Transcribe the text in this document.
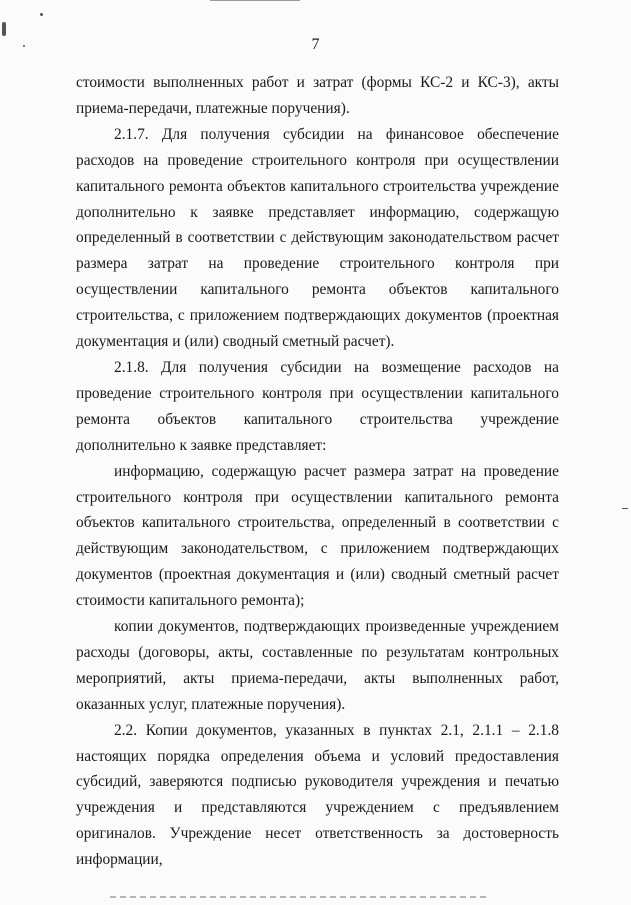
7

стоимости выполненных работ и затрат (формы КС-2 и КС-3), акты приема-передачи, платежные поручения).

2.1.7. Для получения субсидии на финансовое обеспечение расходов на проведение строительного контроля при осуществлении капитального ремонта объектов капитального строительства учреждение дополнительно к заявке представляет информацию, содержащую определенный в соответствии с действующим законодательством расчет размера затрат на проведение строительного контроля при осуществлении капитального ремонта объектов капитального строительства, с приложением подтверждающих документов (проектная документация и (или) сводный сметный расчет).

2.1.8. Для получения субсидии на возмещение расходов на проведение строительного контроля при осуществлении капитального ремонта объектов капитального строительства учреждение дополнительно к заявке представляет:

информацию, содержащую расчет размера затрат на проведение строительного контроля при осуществлении капитального ремонта объектов капитального строительства, определенный в соответствии с действующим законодательством, с приложением подтверждающих документов (проектная документация и (или) сводный сметный расчет стоимости капитального ремонта);

копии документов, подтверждающих произведенные учреждением расходы (договоры, акты, составленные по результатам контрольных мероприятий, акты приема-передачи, акты выполненных работ, оказанных услуг, платежные поручения).

2.2. Копии документов, указанных в пунктах 2.1, 2.1.1 – 2.1.8 настоящих порядка определения объема и условий предоставления субсидий, заверяются подписью руководителя учреждения и печатью учреждения и представляются учреждением с предъявлением оригиналов. Учреждение несет ответственность за достоверность информации,
